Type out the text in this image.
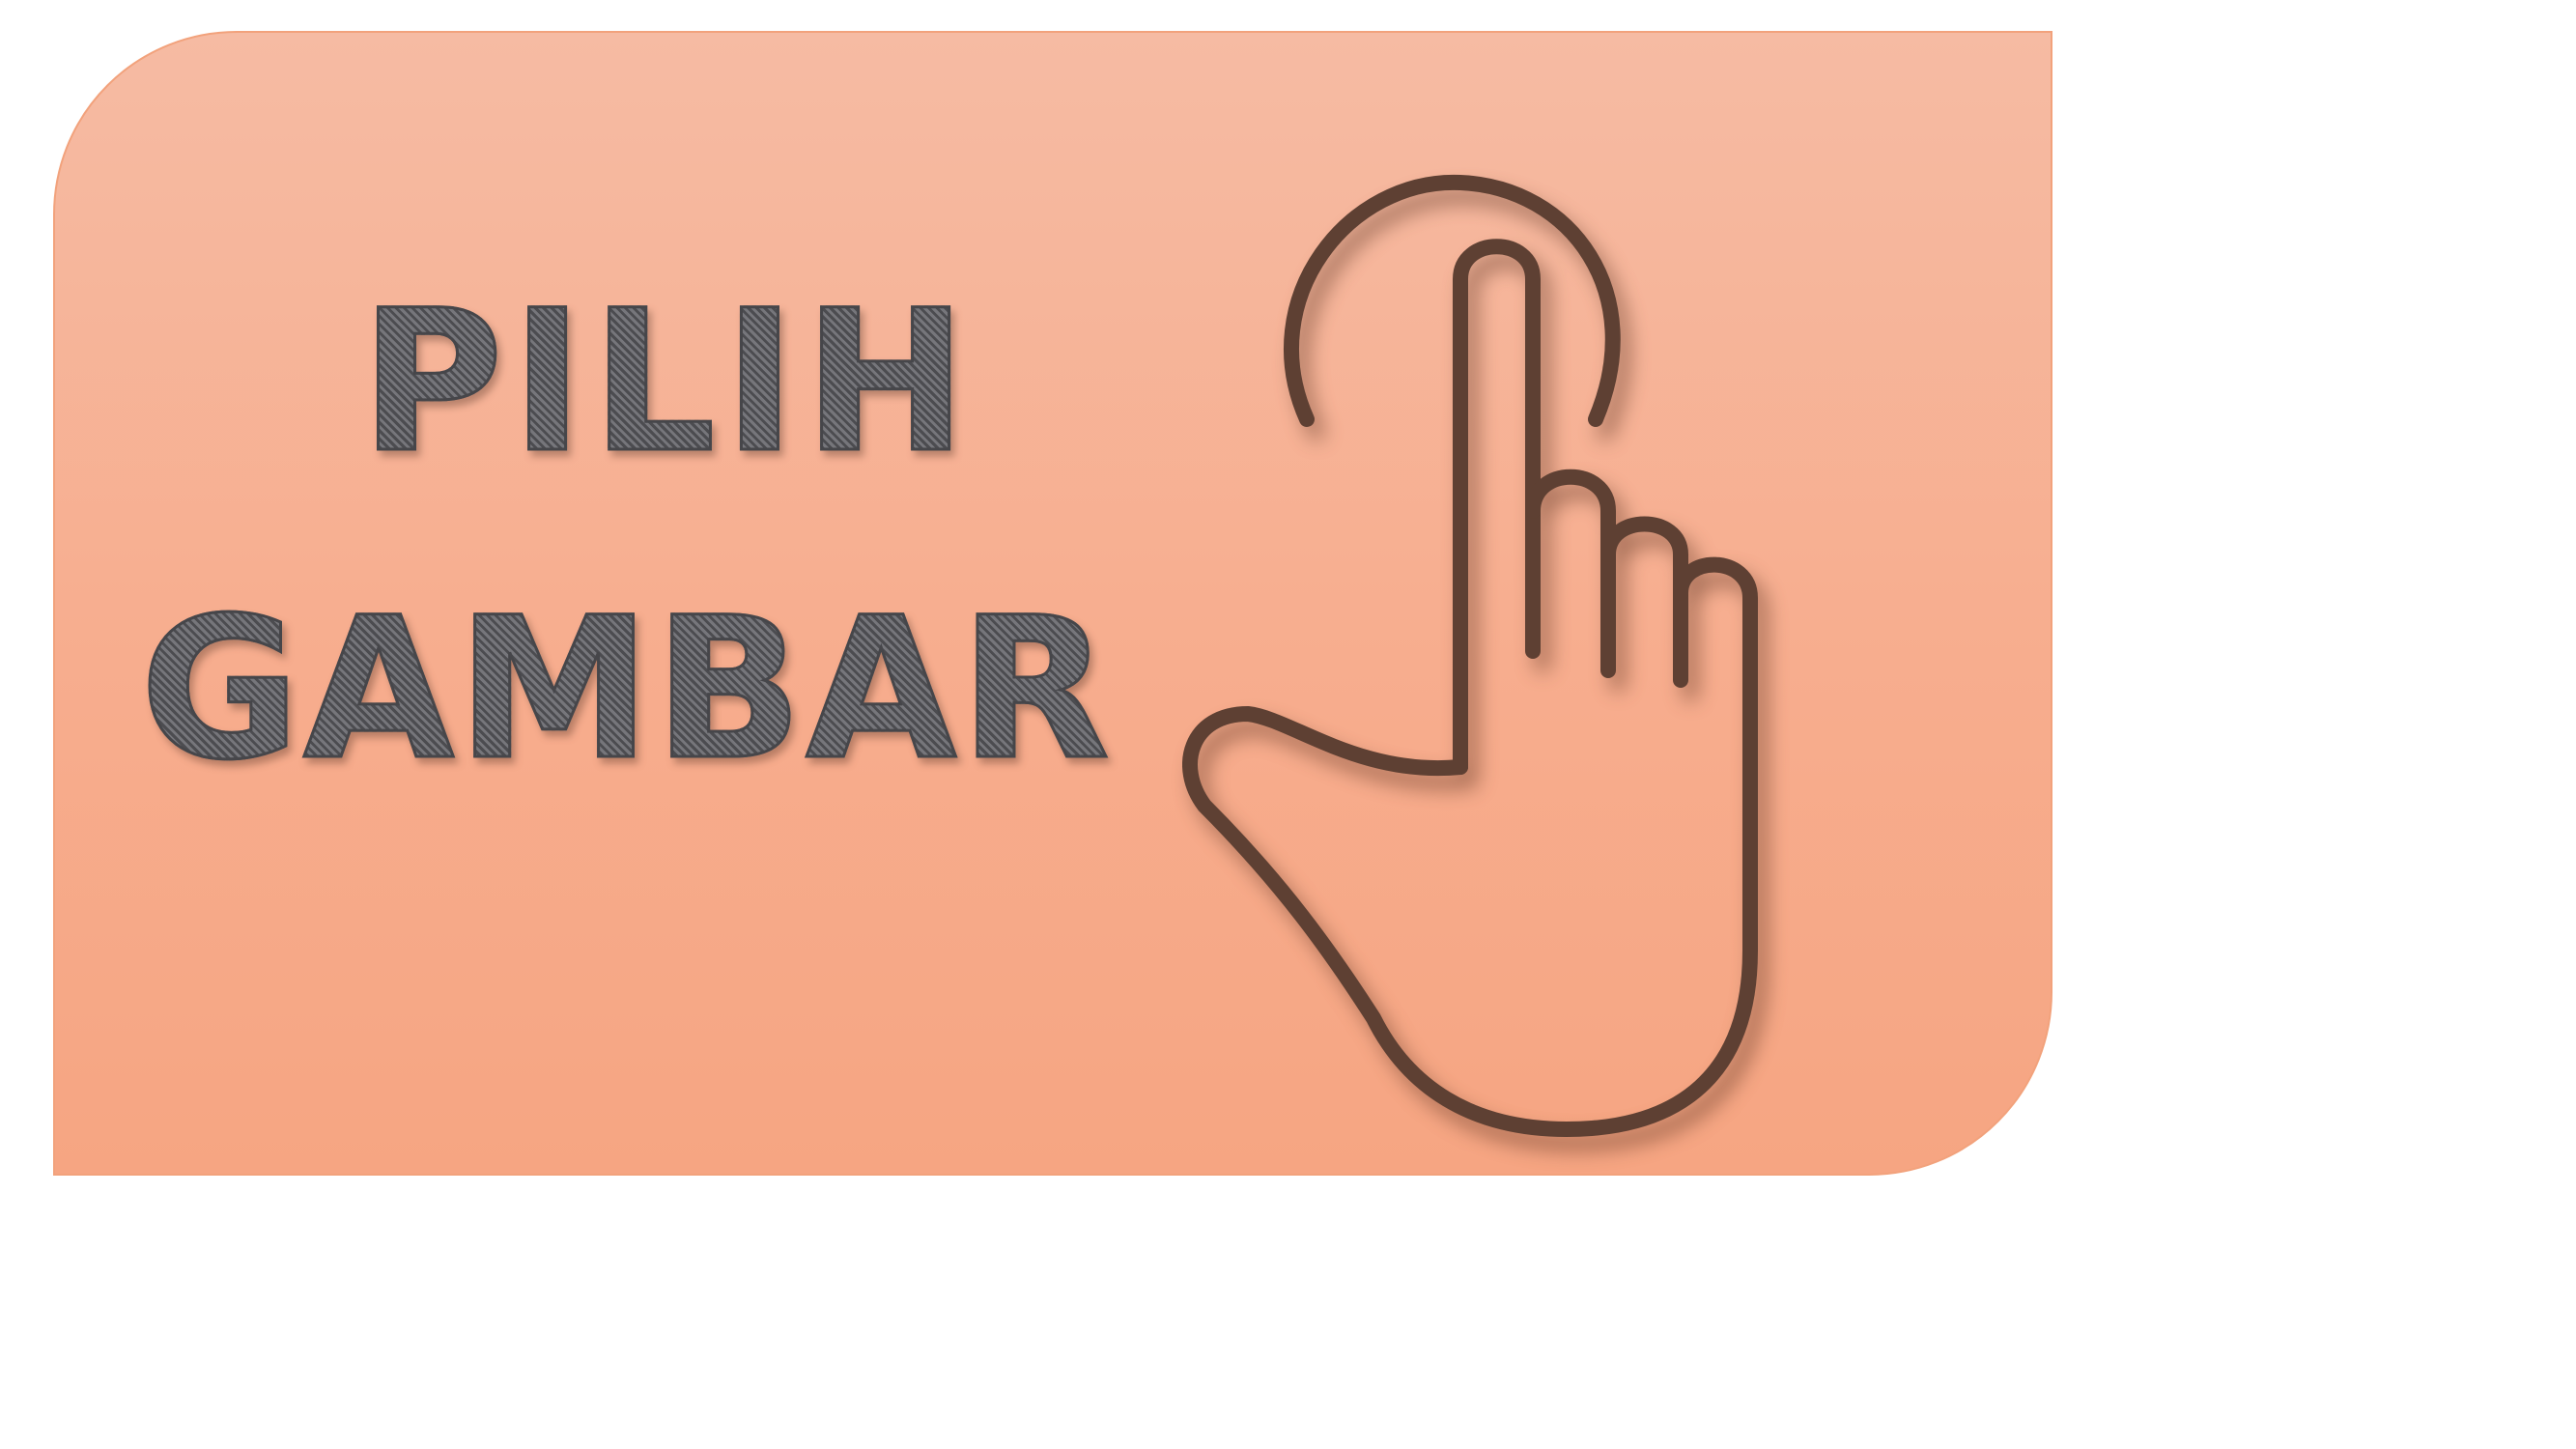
PILIH
GAMBAR
